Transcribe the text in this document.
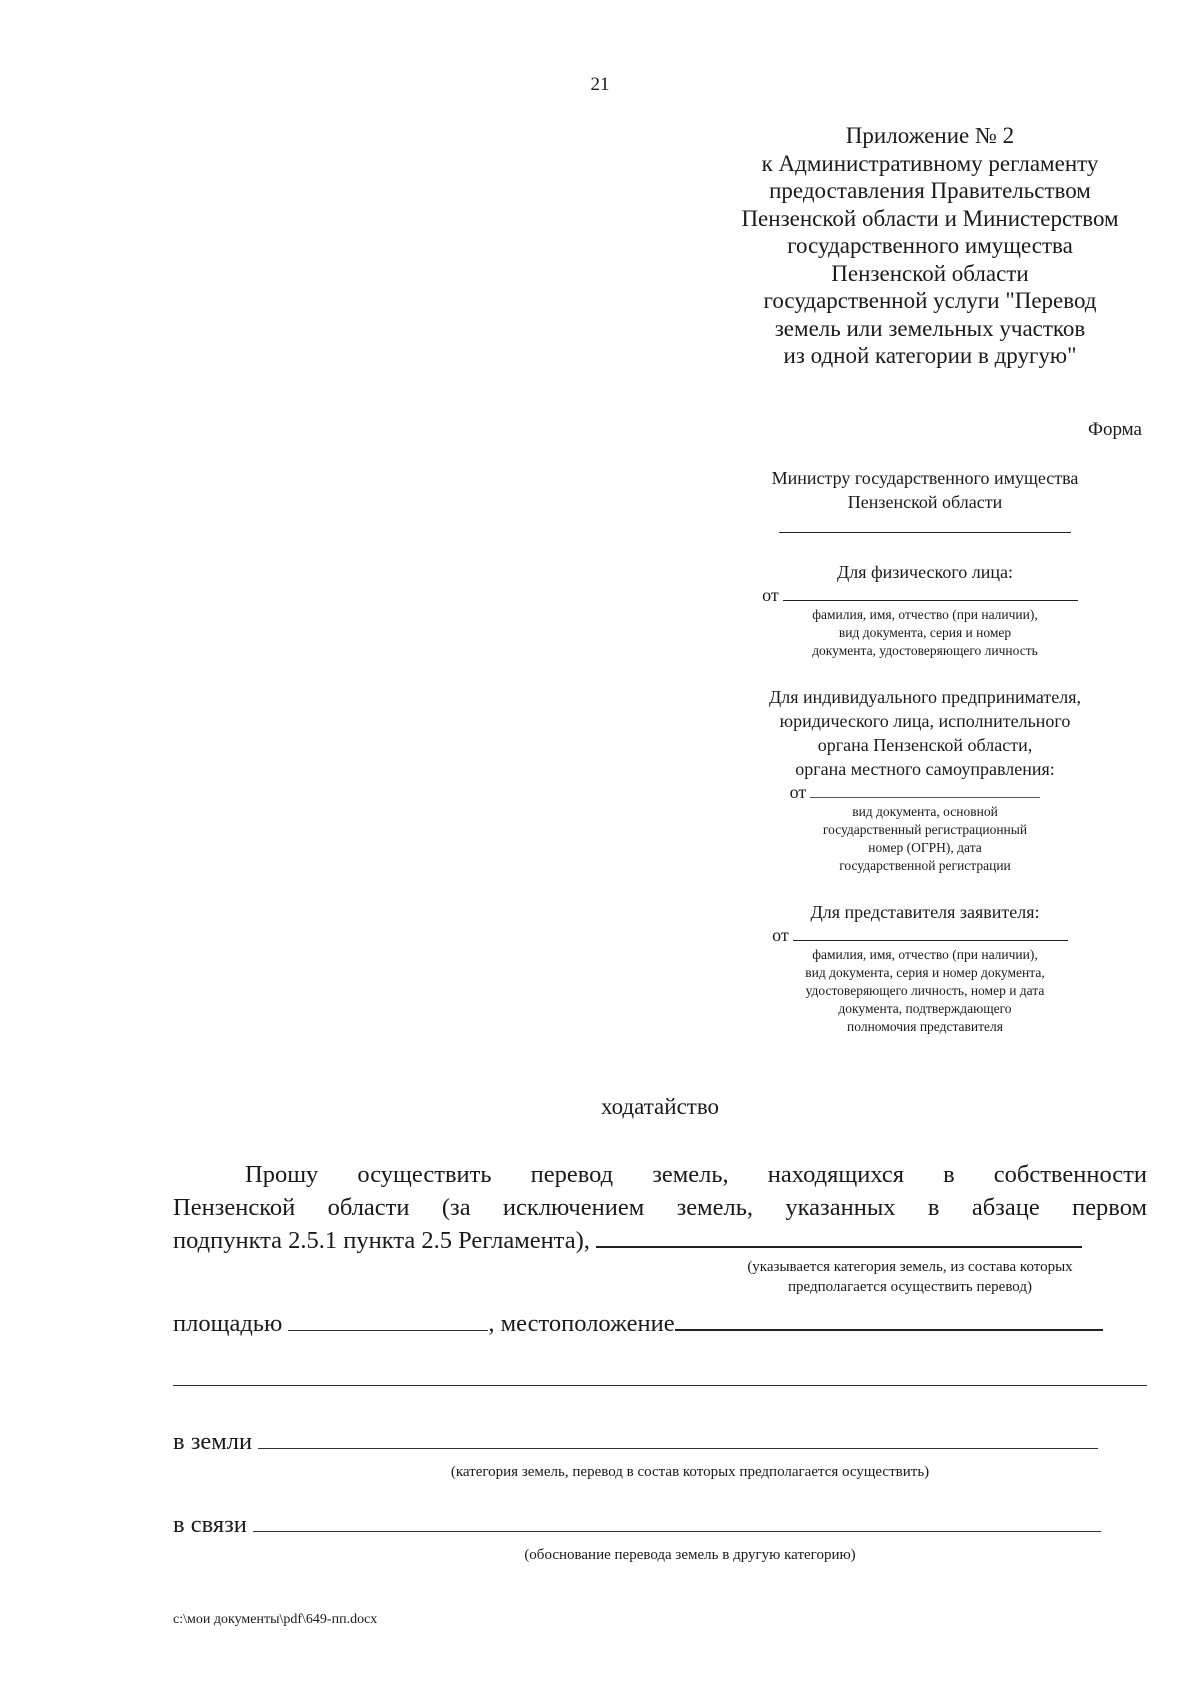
21
Приложение № 2
к Административному регламенту
предоставления Правительством
Пензенской области и Министерством
государственного имущества
Пензенской области
государственной услуги "Перевод
земель или земельных участков
из одной категории в другую"
Форма
Министру государственного имущества
Пензенской области
Для физического лица:
от
фамилия, имя, отчество (при наличии),
вид документа, серия и номер
документа, удостоверяющего личность
Для индивидуального предпринимателя,
юридического лица, исполнительного
органа Пензенской области,
органа местного самоуправления:
от
вид документа, основной
государственный регистрационный
номер (ОГРН), дата
государственной регистрации
Для представителя заявителя:
от
фамилия, имя, отчество (при наличии),
вид документа, серия и номер документа,
удостоверяющего личность, номер и дата
документа, подтверждающего
полномочия представителя
ходатайство
Прошу осуществить перевод земель, находящихся в собственности
Пензенской области (за исключением земель, указанных в абзаце первом
подпункта 2.5.1 пункта 2.5 Регламента),
(указывается категория земель, из состава которых
предполагается осуществить перевод)
площадью	, местоположение
в земли
(категория земель, перевод в состав которых предполагается осуществить)
в связи
(обоснование перевода земель в другую категорию)
c:\мои документы\pdf\649-пп.docx
